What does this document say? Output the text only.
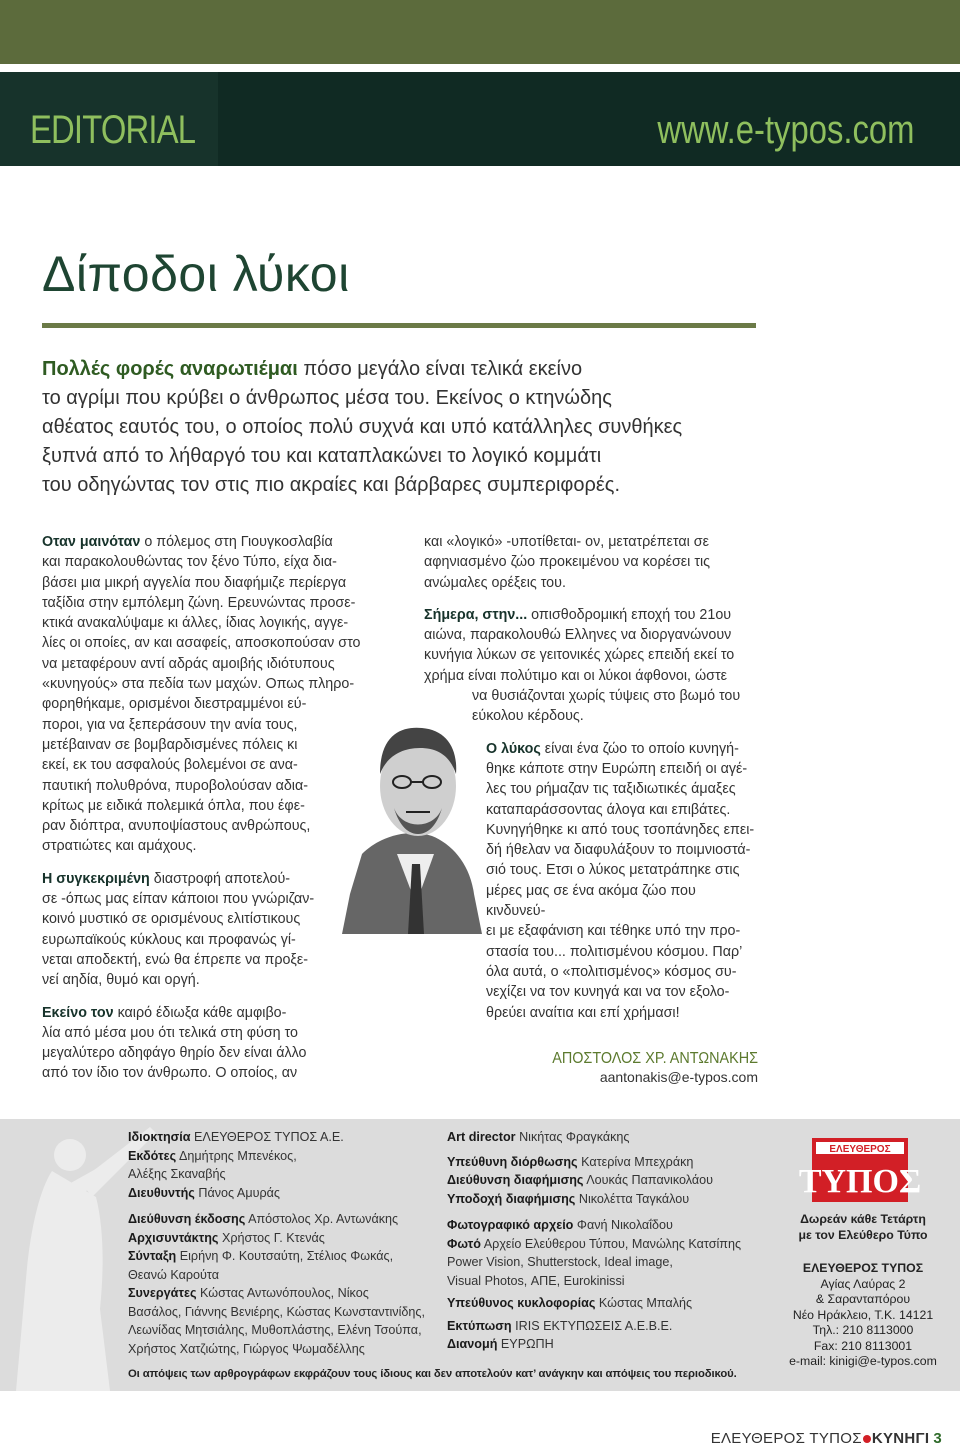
EDITORIAL	www.e-typos.com
Δίποδοι λύκοι
Πολλές φορές αναρωτιέμαι πόσο μεγάλο είναι τελικά εκείνο
το αγρίμι που κρύβει ο άνθρωπος μέσα του. Εκείνος ο κτηνώδης
αθέατος εαυτός του, ο οποίος πολύ συχνά και υπό κατάλληλες συνθήκες
ξυπνά από το λήθαργό του και καταπλακώνει το λογικό κομμάτι
του οδηγώντας τον στις πιο ακραίες και βάρβαρες συμπεριφορές.

Οταν μαινόταν ο πόλεμος στη Γιουγκοσλαβία
και παρακολουθώντας τον ξένο Τύπο, είχα δια-
βάσει μια μικρή αγγελία που διαφήμιζε περίεργα
ταξίδια στην εμπόλεμη ζώνη. Ερευνώντας προσε-
κτικά ανακαλύψαμε κι άλλες, ίδιας λογικής, αγγε-
λίες οι οποίες, αν και ασαφείς, αποσκοπούσαν στο
να μεταφέρουν αντί αδράς αμοιβής ιδιότυπους
«κυνηγούς» στα πεδία των μαχών. Οπως πληρο-
φορηθήκαμε, ορισμένοι διεστραμμένοι εύ-
ποροι, για να ξεπεράσουν την ανία τους,
μετέβαιναν σε βομβαρδισμένες πόλεις κι
εκεί, εκ του ασφαλούς βολεμένοι σε ανα-
παυτική πολυθρόνα, πυροβολούσαν αδια-
κρίτως με ειδικά πολεμικά όπλα, που έφε-
ραν διόπτρα, ανυποψίαστους ανθρώπους,
στρατιώτες και αμάχους.

Η συγκεκριμένη διαστροφή αποτελού-
σε -όπως μας είπαν κάποιοι που γνώριζαν-
κοινό μυστικό σε ορισμένους ελιτίστικους
ευρωπαϊκούς κύκλους και προφανώς γί-
νεται αποδεκτή, ενώ θα έπρεπε να προξε-
νεί αηδία, θυμό και οργή.

Εκείνο τον καιρό έδιωξα κάθε αμφιβο-
λία από μέσα μου ότι τελικά στη φύση το
μεγαλύτερο αδηφάγο θηρίο δεν είναι άλλο
από τον ίδιο τον άνθρωπο. Ο οποίος, αν

και «λογικό» -υποτίθεται- ον, μετατρέπεται σε
αφηνιασμένο ζώο προκειμένου να κορέσει τις
ανώμαλες ορέξεις του.

Σήμερα, στην... οπισθοδρομική εποχή του 21ου
αιώνα, παρακολουθώ Ελληνες να διοργανώνουν
κυνήγια λύκων σε γειτονικές χώρες επειδή εκεί το
χρήμα είναι πολύτιμο και οι λύκοι άφθονοι, ώστε
να θυσιάζονται χωρίς τύψεις στο βωμό του
εύκολου κέρδους.

Ο λύκος είναι ένα ζώο το οποίο κυνηγή-
θηκε κάποτε στην Ευρώπη επειδή οι αγέ-
λες του ρήμαζαν τις ταξιδιωτικές άμαξες
καταπαράσσοντας άλογα και επιβάτες.
Κυνηγήθηκε κι από τους τσοπάνηδες επει-
δή ήθελαν να διαφυλάξουν το ποιμνιοστά-
σιό τους. Ετσι ο λύκος μετατράπηκε στις
μέρες μας σε ένα ακόμα ζώο που κινδυνεύ-
ει με εξαφάνιση και τέθηκε υπό την προ-
στασία του... πολιτισμένου κόσμου. Παρ’
όλα αυτά, ο «πολιτισμένος» κόσμος συ-
νεχίζει να τον κυνηγά και να τον εξολο-
θρεύει αναίτια και επί χρήμασι!
ΑΠΟΣΤΟΛΟΣ ΧΡ. ΑΝΤΩΝΑΚΗΣ
aantonakis@e-typos.com
Ιδιοκτησία ΕΛΕΥΘΕΡΟΣ ΤΥΠΟΣ Α.Ε.
Εκδότες Δημήτρης Μπενέκος,
Αλέξης Σκαναβής
Διευθυντής Πάνος Αμυράς
Διεύθυνση έκδοσης Απόστολος Χρ. Αντωνάκης
Αρχισυντάκτης Χρήστος Γ. Κτενάς
Σύνταξη Ειρήνη Φ. Κουτσαύτη, Στέλιος Φωκάς,
Θεανώ Καρούτα
Συνεργάτες Κώστας Αντωνόπουλος, Νίκος
Βασάλος, Γιάννης Βενιέρης, Κώστας Κωνσταντινίδης,
Λεωνίδας Μητσιάλης, Μυθοπλάστης, Ελένη Τσούπα,
Χρήστος Χατζιώτης, Γιώργος Ψωμαδέλλης
Art director Νικήτας Φραγκάκης
Υπεύθυνη διόρθωσης Κατερίνα Μπεχράκη
Διεύθυνση διαφήμισης Λουκάς Παπανικολάου
Υποδοχή διαφήμισης Νικολέττα Ταγκάλου
Φωτογραφικό αρχείο Φανή Νικολαΐδου
Φωτό Αρχείο Ελεύθερου Τύπου, Μανώλης Κατσίπης
Power Vision, Shutterstock, Ideal image,
Visual Photos, ΑΠΕ, Eurokinissi
Υπεύθυνος κυκλοφορίας Κώστας Μπαλής
Εκτύπωση IRIS ΕΚΤΥΠΩΣΕΙΣ Α.Ε.Β.Ε.
Διανομή ΕΥΡΩΠΗ
ΕΛΕΥΘΕΡΟΣ
ΤΥΠΟΣ
Δωρεάν κάθε Τετάρτη
με τον Ελεύθερο Τύπο
ΕΛΕΥΘΕΡΟΣ ΤΥΠΟΣ
Αγίας Λαύρας 2
& Σαρανταπόρου
Νέο Ηράκλειο, Τ.Κ. 14121
Τηλ.: 210 8113000
Fax: 210 8113001
e-mail: kinigi@e-typos.com
Οι απόψεις των αρθρογράφων εκφράζουν τους ίδιους και δεν αποτελούν κατ’ ανάγκην και απόψεις του περιοδικού.
ΕΛΕΥΘΕΡΟΣ ΤΥΠΟΣ ΚΥΝΗΓΙ 3
